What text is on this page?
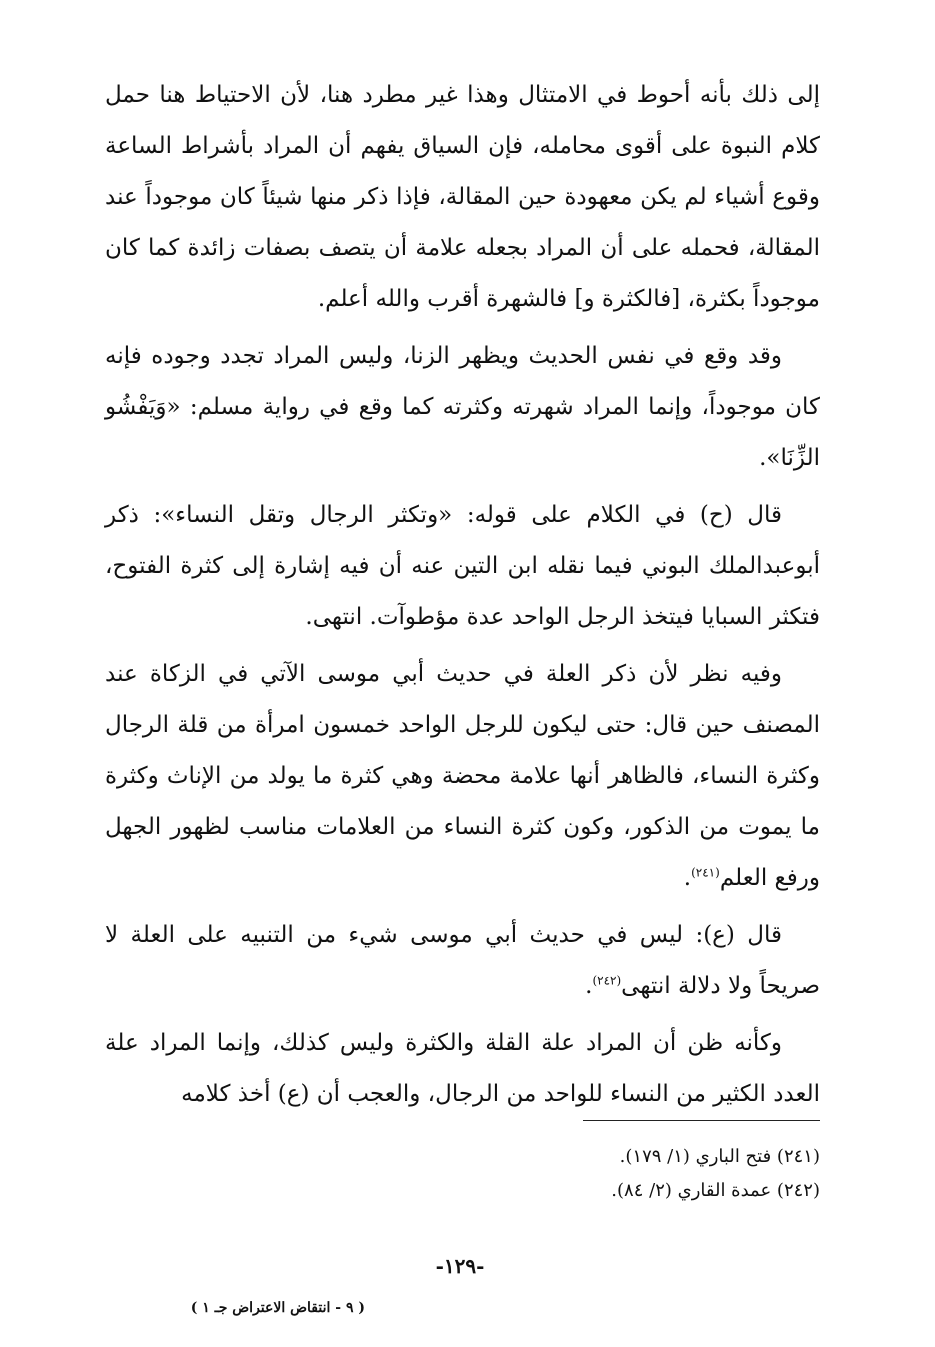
إلى ذلك بأنه أحوط في الامتثال وهذا غير مطرد هنا، لأن الاحتياط هنا حمل كلام النبوة على أقوى محامله، فإن السياق يفهم أن المراد بأشراط الساعة وقوع أشياء لم يكن معهودة حين المقالة، فإذا ذكر منها شيئاً كان موجوداً عند المقالة، فحمله على أن المراد بجعله علامة أن يتصف بصفات زائدة كما كان موجوداً بكثرة، [فالكثرة و] فالشهرة أقرب والله أعلم.

وقد وقع في نفس الحديث ويظهر الزنا، وليس المراد تجدد وجوده فإنه كان موجوداً، وإنما المراد شهرته وكثرته كما وقع في رواية مسلم: «وَيَفْشُو الزِّنَا».

قال (ح) في الكلام على قوله: «وتكثر الرجال وتقل النساء»: ذكر أبوعبدالملك البوني فيما نقله ابن التين عنه أن فيه إشارة إلى كثرة الفتوح، فتكثر السبايا فيتخذ الرجل الواحد عدة مؤطوآت. انتهى.

وفيه نظر لأن ذكر العلة في حديث أبي موسى الآتي في الزكاة عند المصنف حين قال: حتى ليكون للرجل الواحد خمسون امرأة من قلة الرجال وكثرة النساء، فالظاهر أنها علامة محضة وهي كثرة ما يولد من الإناث وكثرة ما يموت من الذكور، وكون كثرة النساء من العلامات مناسب لظهور الجهل ورفع العلم$^{(٢٤١)}$.

قال (ع): ليس في حديث أبي موسى شيء من التنبيه على العلة لا صريحاً ولا دلالة انتهى$^{(٢٤٢)}$.

وكأنه ظن أن المراد علة القلة والكثرة وليس كذلك، وإنما المراد علة العدد الكثير من النساء للواحد من الرجال، والعجب أن (ع) أخذ كلامه

(٢٤١) فتح الباري (١/ ١٧٩).
(٢٤٢) عمدة القاري (٢/ ٨٤).
-١٢٩-
( ٩ - انتقاض الاعتراض جـ ١ )
